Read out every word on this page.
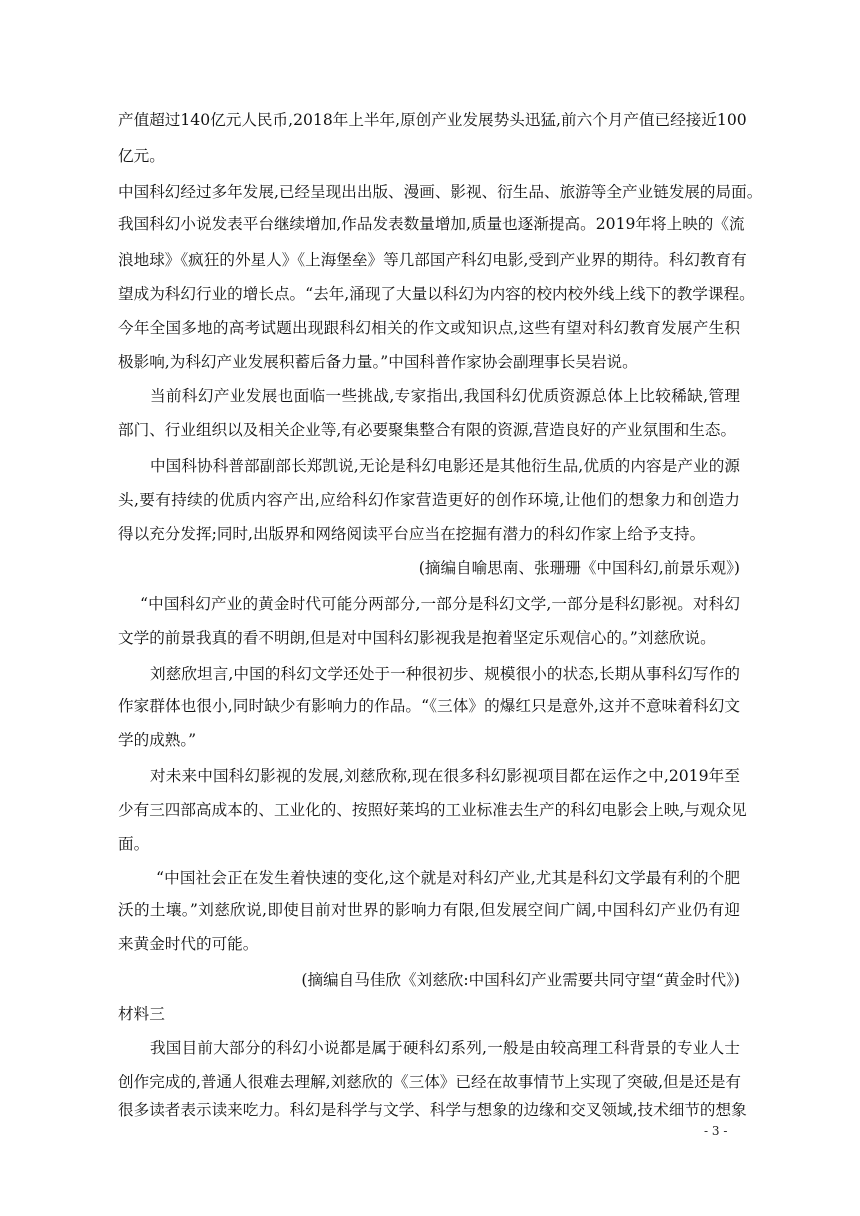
产值超过140亿元人民币,2018年上半年,原创产业发展势头迅猛,前六个月产值已经接近100
亿元。
中国科幻经过多年发展,已经呈现出出版、漫画、影视、衍生品、旅游等全产业链发展的局面。
我国科幻小说发表平台继续增加,作品发表数量增加,质量也逐渐提高。2019年将上映的《流
浪地球》《疯狂的外星人》《上海堡垒》等几部国产科幻电影,受到产业界的期待。科幻教育有
望成为科幻行业的增长点。“去年,涌现了大量以科幻为内容的校内校外线上线下的教学课程。
今年全国多地的高考试题出现跟科幻相关的作文或知识点,这些有望对科幻教育发展产生积
极影响,为科幻产业发展积蓄后备力量。”中国科普作家协会副理事长吴岩说。
当前科幻产业发展也面临一些挑战,专家指出,我国科幻优质资源总体上比较稀缺,管理
部门、行业组织以及相关企业等,有必要聚集整合有限的资源,营造良好的产业氛围和生态。
中国科协科普部副部长郑凯说,无论是科幻电影还是其他衍生品,优质的内容是产业的源
头,要有持续的优质内容产出,应给科幻作家营造更好的创作环境,让他们的想象力和创造力
得以充分发挥;同时,出版界和网络阅读平台应当在挖掘有潜力的科幻作家上给予支持。
(摘编自喻思南、张珊珊《中国科幻,前景乐观》)
“中国科幻产业的黄金时代可能分两部分,一部分是科幻文学,一部分是科幻影视。对科幻
文学的前景我真的看不明朗,但是对中国科幻影视我是抱着坚定乐观信心的。”刘慈欣说。
刘慈欣坦言,中国的科幻文学还处于一种很初步、规模很小的状态,长期从事科幻写作的
作家群体也很小,同时缺少有影响力的作品。“《三体》的爆红只是意外,这并不意味着科幻文
学的成熟。”
对未来中国科幻影视的发展,刘慈欣称,现在很多科幻影视项目都在运作之中,2019年至
少有三四部高成本的、工业化的、按照好莱坞的工业标准去生产的科幻电影会上映,与观众见
面。
“中国社会正在发生着快速的变化,这个就是对科幻产业,尤其是科幻文学最有利的个肥
沃的土壤。”刘慈欣说,即使目前对世界的影响力有限,但发展空间广阔,中国科幻产业仍有迎
来黄金时代的可能。
(摘编自马佳欣《刘慈欣:中国科幻产业需要共同守望“黄金时代》)
材料三
我国目前大部分的科幻小说都是属于硬科幻系列,一般是由较高理工科背景的专业人士
创作完成的,普通人很难去理解,刘慈欣的《三体》已经在故事情节上实现了突破,但是还是有
很多读者表示读来吃力。科幻是科学与文学、科学与想象的边缘和交叉领域,技术细节的想象
- 3 -
